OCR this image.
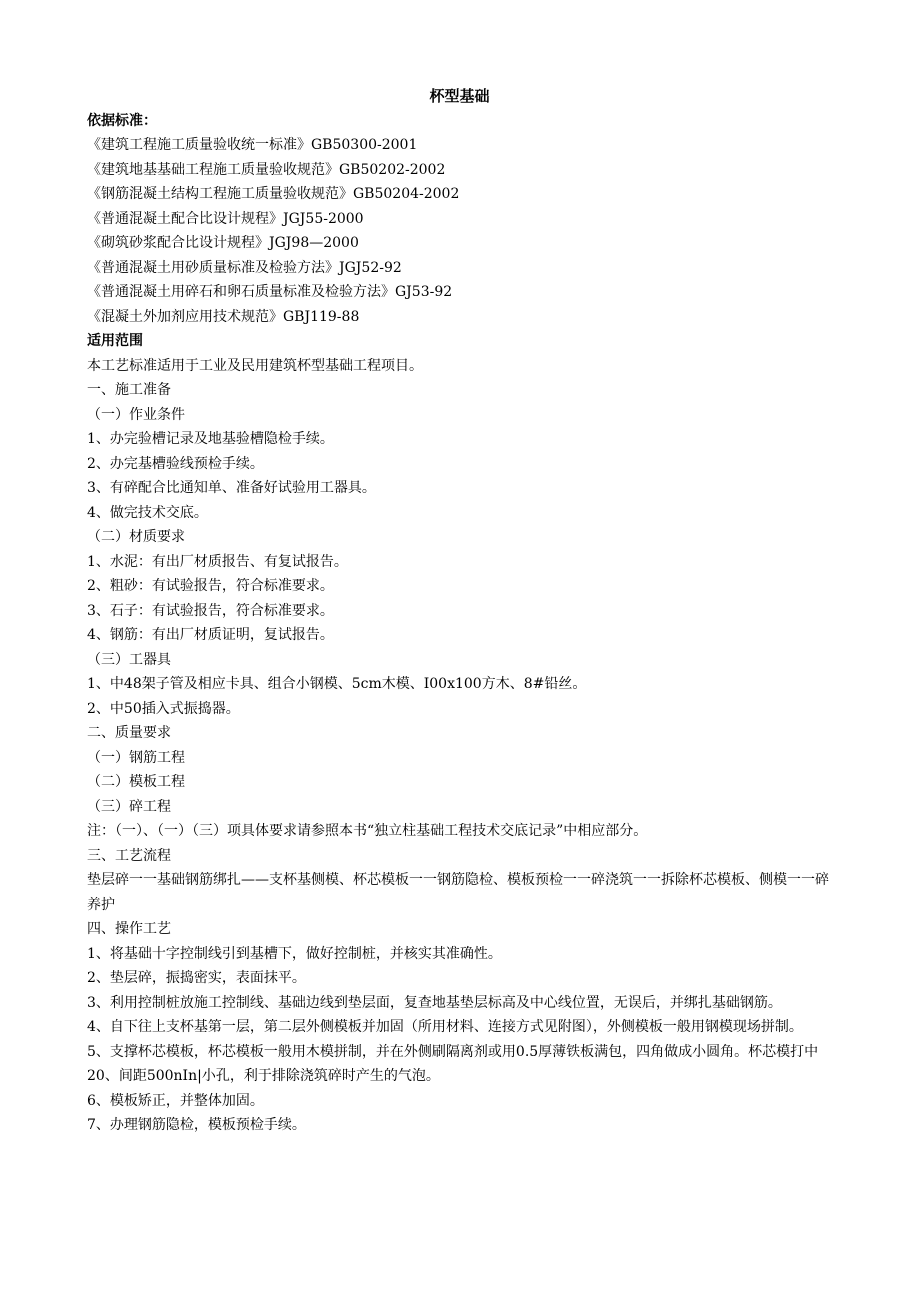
杯型基础

依据标准：

《建筑工程施工质量验收统一标准》GB50300-2001

《建筑地基基础工程施工质量验收规范》GB50202-2002

《钢筋混凝土结构工程施工质量验收规范》GB50204-2002

《普通混凝土配合比设计规程》JGJ55-2000

《砌筑砂浆配合比设计规程》JGJ98—2000

《普通混凝土用砂质量标准及检验方法》JGJ52-92

《普通混凝土用碎石和卵石质量标准及检验方法》GJ53-92

《混凝土外加剂应用技术规范》GBJ119-88

适用范围

本工艺标准适用于工业及民用建筑杯型基础工程项目。

一、施工准备

（一）作业条件

1、办完验槽记录及地基验槽隐检手续。

2、办完基槽验线预检手续。

3、有碎配合比通知单、准备好试验用工器具。

4、做完技术交底。

（二）材质要求

1、水泥：有出厂材质报告、有复试报告。

2、粗砂：有试验报告，符合标准要求。

3、石子：有试验报告，符合标准要求。

4、钢筋：有出厂材质证明，复试报告。

（三）工器具

1、中48架子管及相应卡具、组合小钢模、5cm木模、I00x100方木、8#铅丝。

2、中50插入式振捣器。

二、质量要求

（一）钢筋工程

（二）模板工程

（三）碎工程

注：（一）、（一）（三）项具体要求请参照本书“独立柱基础工程技术交底记录”中相应部分。

三、工艺流程

垫层碎一一基础钢筋绑扎——支杯基侧模、杯芯模板一一钢筋隐检、模板预检一一碎浇筑一一拆除杯芯模板、侧模一一碎养护

四、操作工艺

1、将基础十字控制线引到基槽下，做好控制桩，并核实其准确性。

2、垫层碎，振捣密实，表面抹平。

3、利用控制桩放施工控制线、基础边线到垫层面，复查地基垫层标高及中心线位置，无误后，并绑扎基础钢筋。

4、自下往上支杯基第一层，第二层外侧模板并加固（所用材料、连接方式见附图），外侧模板一般用钢模现场拼制。

5、支撑杯芯模板，杯芯模板一般用木模拼制，并在外侧刷隔离剂或用0.5厚薄铁板满包，四角做成小圆角。杯芯模打中20、间距500nIn|小孔，利于排除浇筑碎时产生的气泡。

6、模板矫正，并整体加固。

7、办理钢筋隐检，模板预检手续。
